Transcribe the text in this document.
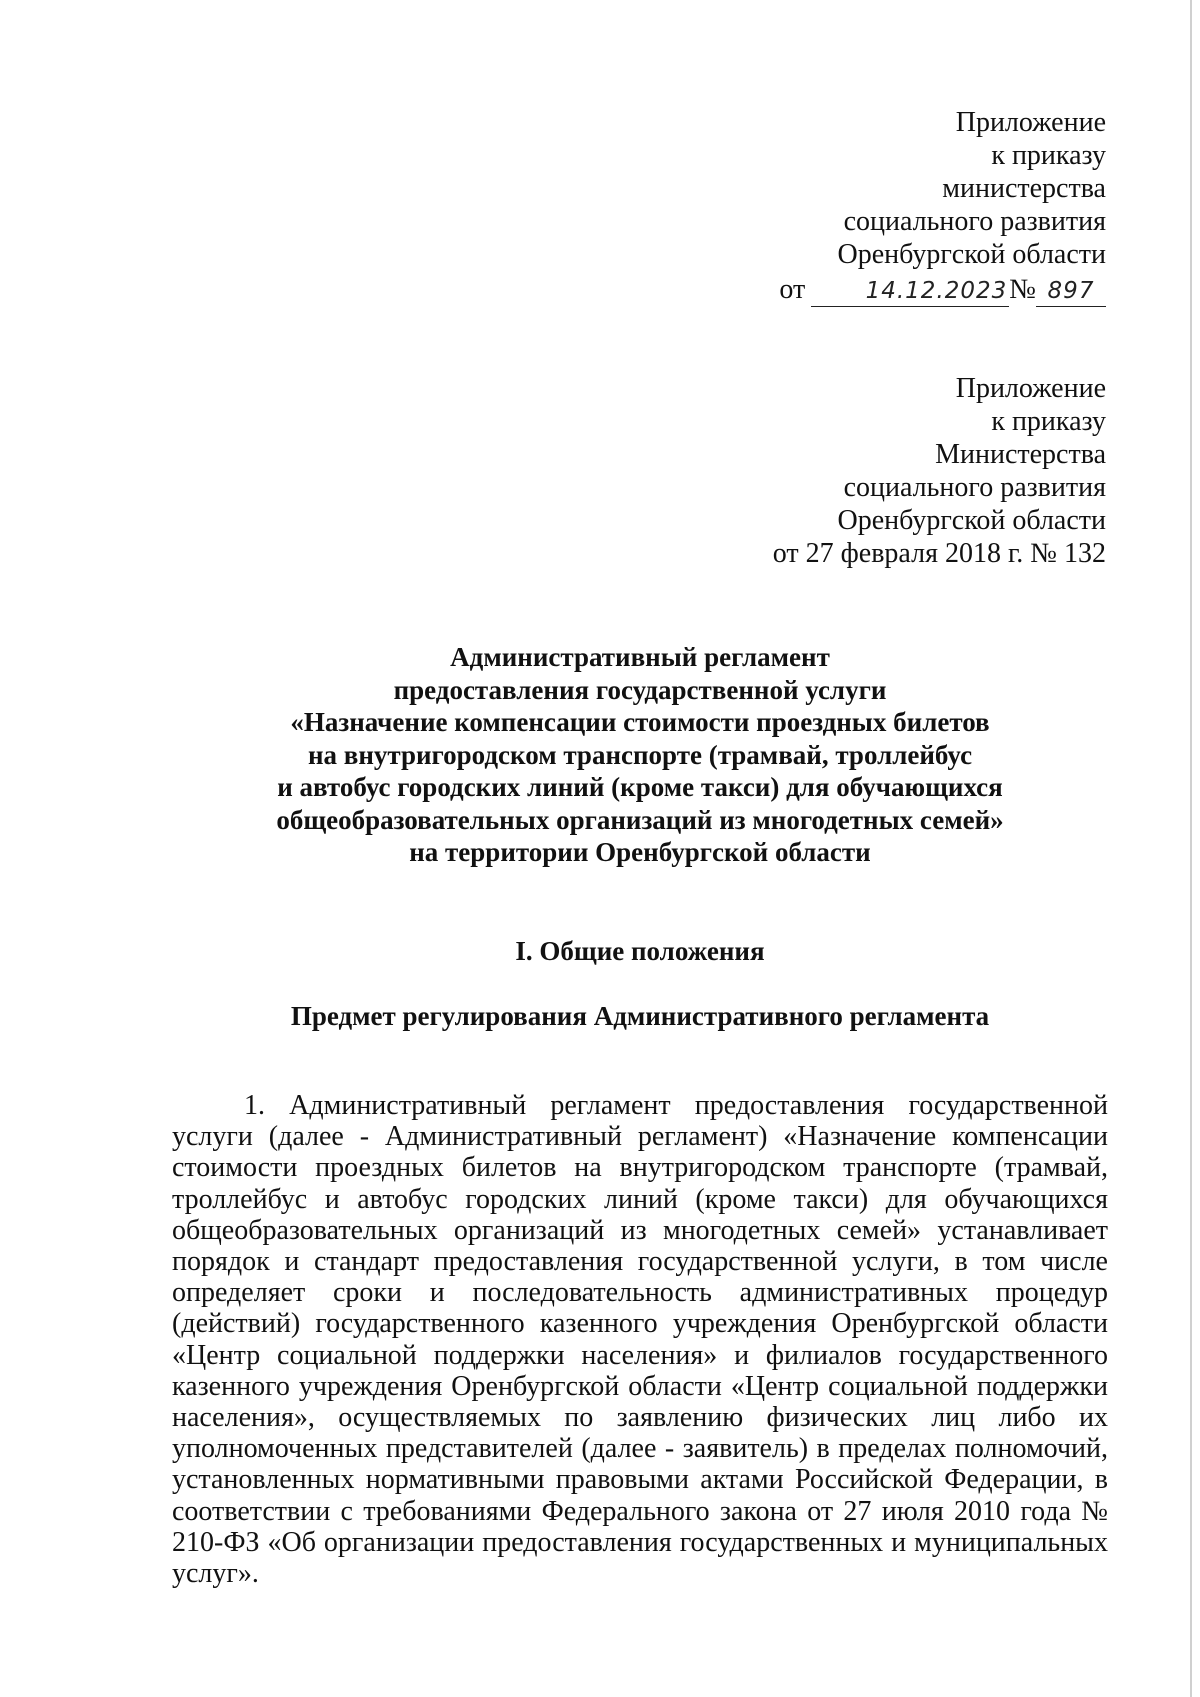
Приложение
к приказу
министерства
социального развития
Оренбургской области
от	14.12.2023№ 897
Приложение
к приказу
Министерства
социального развития
Оренбургской области
от 27 февраля 2018 г. № 132
Административный регламент
предоставления государственной услуги
«Назначение компенсации стоимости проездных билетов
на внутригородском транспорте (трамвай, троллейбус
и автобус городских линий (кроме такси) для обучающихся
общеобразовательных организаций из многодетных семей»
на территории Оренбургской области
I. Общие положения
Предмет регулирования Административного регламента

1. Административный регламент предоставления государственной услуги (далее - Административный регламент) «Назначение компенсации стоимости проездных билетов на внутригородском транспорте (трамвай, троллейбус и автобус городских линий (кроме такси) для обучающихся общеобразовательных организаций из многодетных семей» устанавливает порядок и стандарт предоставления государственной услуги, в том числе определяет сроки и последовательность административных процедур (действий) государственного казенного учреждения Оренбургской области «Центр социальной поддержки населения» и филиалов государственного казенного учреждения Оренбургской области «Центр социальной поддержки населения», осуществляемых по заявлению физических лиц либо их уполномоченных представителей (далее - заявитель) в пределах полномочий, установленных нормативными правовыми актами Российской Федерации, в соответствии с требованиями Федерального закона от 27 июля 2010 года № 210-ФЗ «Об организации предоставления государственных и муниципальных услуг».
